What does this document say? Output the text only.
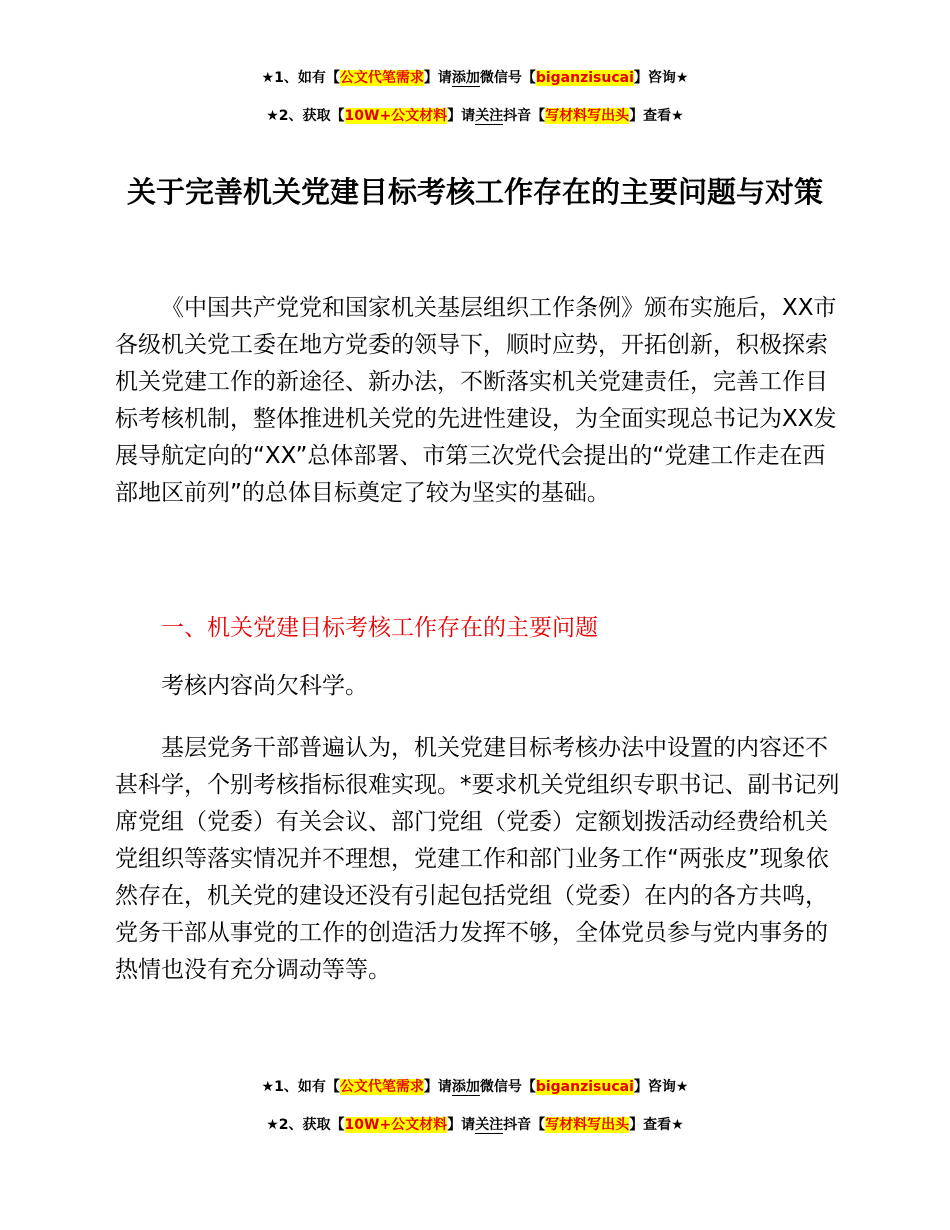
★1、如有【公文代笔需求】请添加微信号【biganzisucai】咨询★
★2、获取【10W+公文材料】请关注抖音【写材料写出头】查看★
关于完善机关党建目标考核工作存在的主要问题与对策
《中国共产党党和国家机关基层组织工作条例》颁布实施后，XX市各级机关党工委在地方党委的领导下，顺时应势，开拓创新，积极探索机关党建工作的新途径、新办法，不断落实机关党建责任，完善工作目标考核机制，整体推进机关党的先进性建设，为全面实现总书记为XX发展导航定向的“XX”总体部署、市第三次党代会提出的“党建工作走在西部地区前列”的总体目标奠定了较为坚实的基础。
一、机关党建目标考核工作存在的主要问题
考核内容尚欠科学。
基层党务干部普遍认为，机关党建目标考核办法中设置的内容还不甚科学，个别考核指标很难实现。*要求机关党组织专职书记、副书记列席党组（党委）有关会议、部门党组（党委）定额划拨活动经费给机关党组织等落实情况并不理想，党建工作和部门业务工作“两张皮”现象依然存在，机关党的建设还没有引起包括党组（党委）在内的各方共鸣，党务干部从事党的工作的创造活力发挥不够，全体党员参与党内事务的热情也没有充分调动等等。
★1、如有【公文代笔需求】请添加微信号【biganzisucai】咨询★
★2、获取【10W+公文材料】请关注抖音【写材料写出头】查看★
